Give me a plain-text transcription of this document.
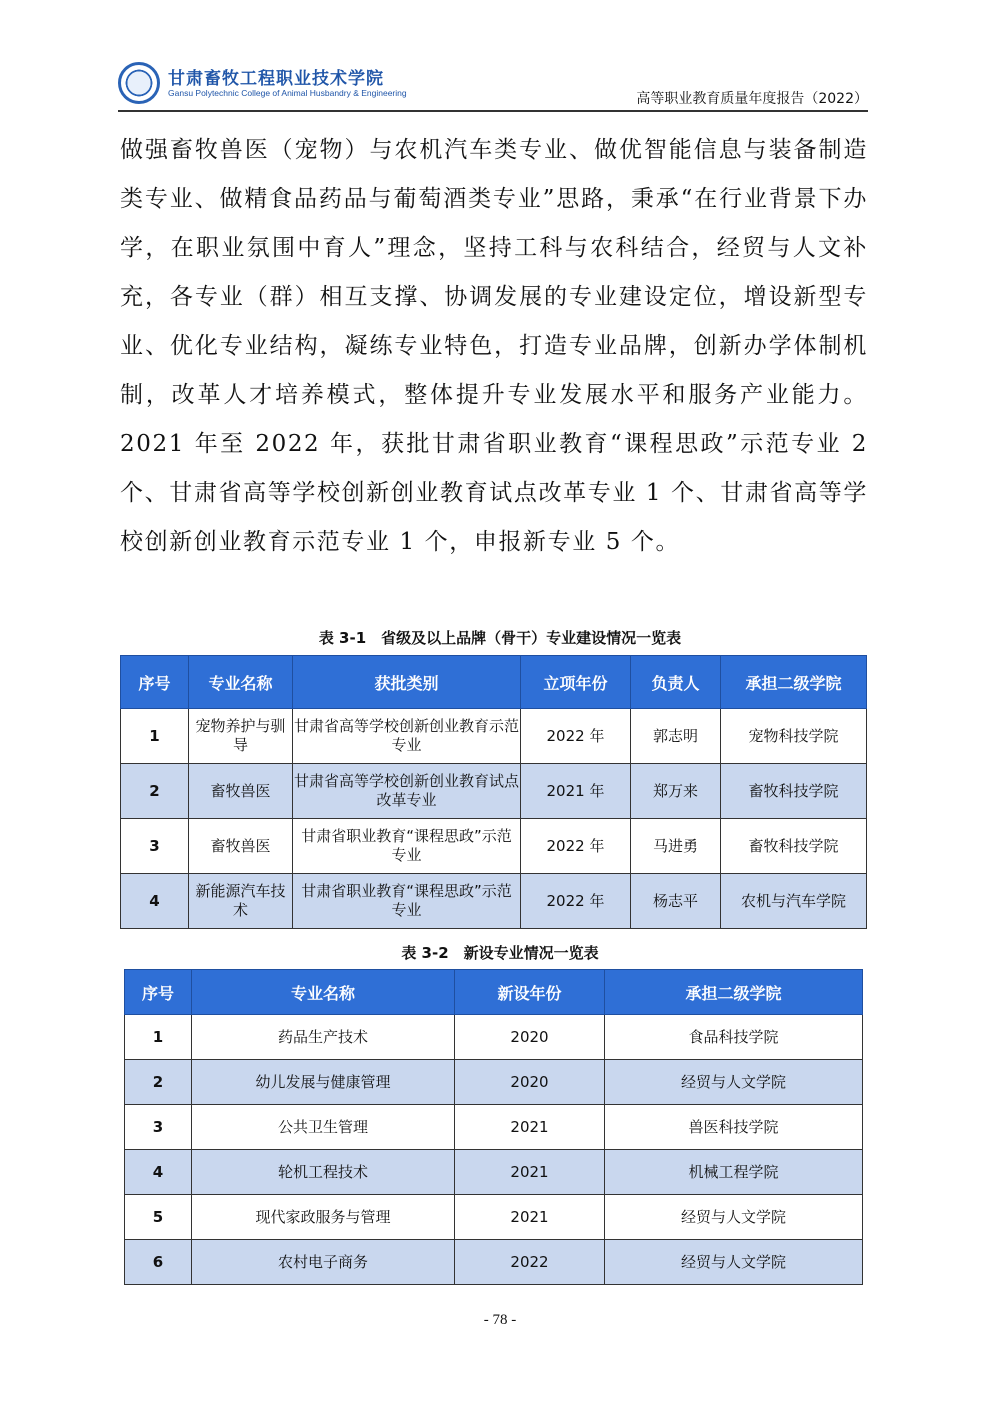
甘肃畜牧工程职业技术学院
Gansu Polytechnic College of Animal Husbandry & Engineering	高等职业教育质量年度报告（2022）
做强畜牧兽医（宠物）与农机汽车类专业、做优智能信息与装备制造类专业、做精食品药品与葡萄酒类专业”思路，秉承“在行业背景下办学，在职业氛围中育人”理念，坚持工科与农科结合，经贸与人文补充，各专业（群）相互支撑、协调发展的专业建设定位，增设新型专业、优化专业结构，凝练专业特色，打造专业品牌，创新办学体制机制，改革人才培养模式，整体提升专业发展水平和服务产业能力。2021 年至 2022 年，获批甘肃省职业教育“课程思政”示范专业 2 个、甘肃省高等学校创新创业教育试点改革专业 1 个、甘肃省高等学校创新创业教育示范专业 1 个，申报新专业 5 个。
表 3-1　省级及以上品牌（骨干）专业建设情况一览表
序号	专业名称	获批类别	立项年份	负责人	承担二级学院
1	宠物养护与驯导	甘肃省高等学校创新创业教育示范专业	2022 年	郭志明	宠物科技学院
2	畜牧兽医	甘肃省高等学校创新创业教育试点改革专业	2021 年	郑万来	畜牧科技学院
3	畜牧兽医	甘肃省职业教育“课程思政”示范专业	2022 年	马进勇	畜牧科技学院
4	新能源汽车技术	甘肃省职业教育“课程思政”示范专业	2022 年	杨志平	农机与汽车学院
表 3-2　新设专业情况一览表
序号	专业名称	新设年份	承担二级学院
1	药品生产技术	2020	食品科技学院
2	幼儿发展与健康管理	2020	经贸与人文学院
3	公共卫生管理	2021	兽医科技学院
4	轮机工程技术	2021	机械工程学院
5	现代家政服务与管理	2021	经贸与人文学院
6	农村电子商务	2022	经贸与人文学院
- 78 -
